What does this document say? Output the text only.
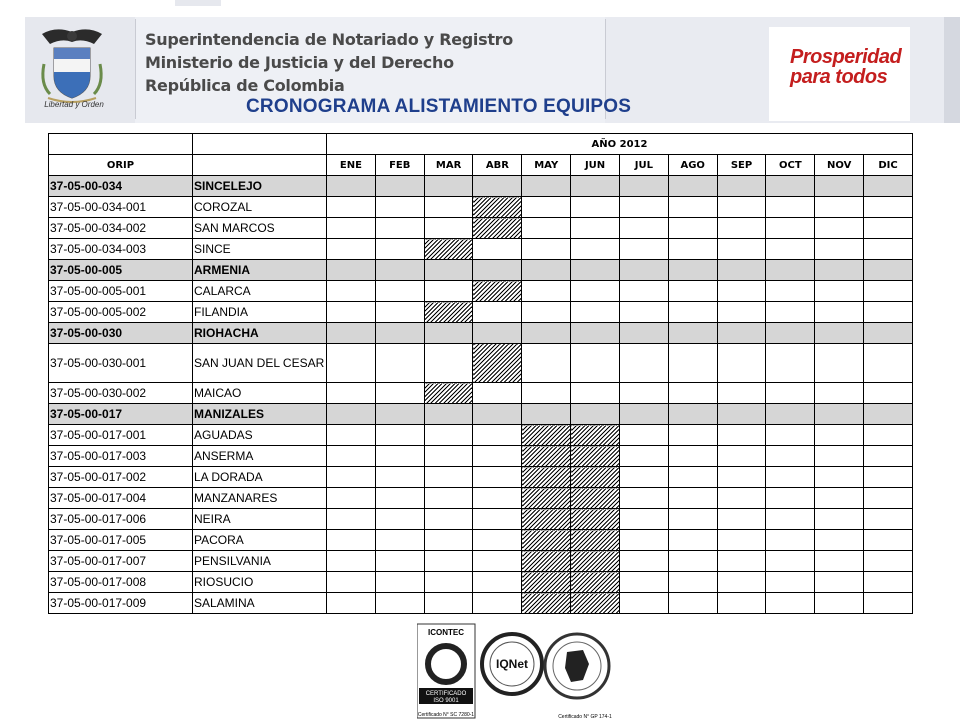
Libertad y Orden
Superintendencia de Notariado y Registro
Ministerio de Justicia y del Derecho
República de Colombia
CRONOGRAMA ALISTAMIENTO EQUIPOS
Prosperidad
para todos
		AÑO 2012											
ORIP		ENE	FEB	MAR	ABR	MAY	JUN	JUL	AGO	SEP	OCT	NOV	DIC
37-05-00-034	SINCELEJO												
37-05-00-034-001	COROZAL												
37-05-00-034-002	SAN MARCOS												
37-05-00-034-003	SINCE												
37-05-00-005	ARMENIA												
37-05-00-005-001	CALARCA												
37-05-00-005-002	FILANDIA												
37-05-00-030	RIOHACHA												
37-05-00-030-001	SAN JUAN DEL CESAR												
37-05-00-030-002	MAICAO												
37-05-00-017	MANIZALES												
37-05-00-017-001	AGUADAS												
37-05-00-017-003	ANSERMA												
37-05-00-017-002	LA DORADA												
37-05-00-017-004	MANZANARES												
37-05-00-017-006	NEIRA												
37-05-00-017-005	PACORA												
37-05-00-017-007	PENSILVANIA												
37-05-00-017-008	RIOSUCIO												
37-05-00-017-009	SALAMINA												
ICONTEC
CERTIFICADO
ISO 9001
Certificado N° SC 7280-1
IQNet
Certificado N° GP 174-1
